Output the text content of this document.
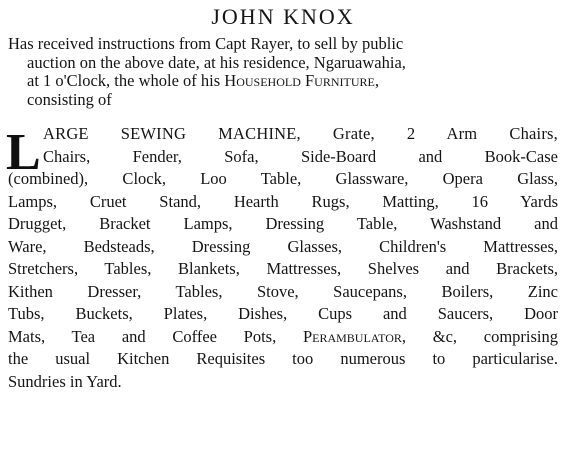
JOHN KNOX
Has received instructions from Capt Rayer, to sell by public
auction on the above date, at his residence, Ngaruawahia,
at 1 o'Clock, the whole of his Household Furniture,
consisting of
L ARGE SEWING MACHINE, Grate, 2 Arm Chairs,
Chairs, Fender, Sofa, Side-Board and Book-Case
(combined), Clock, Loo Table, Glassware, Opera Glass,
Lamps, Cruet Stand, Hearth Rugs, Matting, 16 Yards
Drugget, Bracket Lamps, Dressing Table, Washstand and
Ware, Bedsteads, Dressing Glasses, Children's Mattresses,
Stretchers, Tables, Blankets, Mattresses, Shelves and Brackets,
Kithen Dresser, Tables, Stove, Saucepans, Boilers, Zinc
Tubs, Buckets, Plates, Dishes, Cups and Saucers, Door
Mats, Tea and Coffee Pots, Perambulator, &c, comprising
the usual Kitchen Requisites too numerous to particularise.
Sundries in Yard.
